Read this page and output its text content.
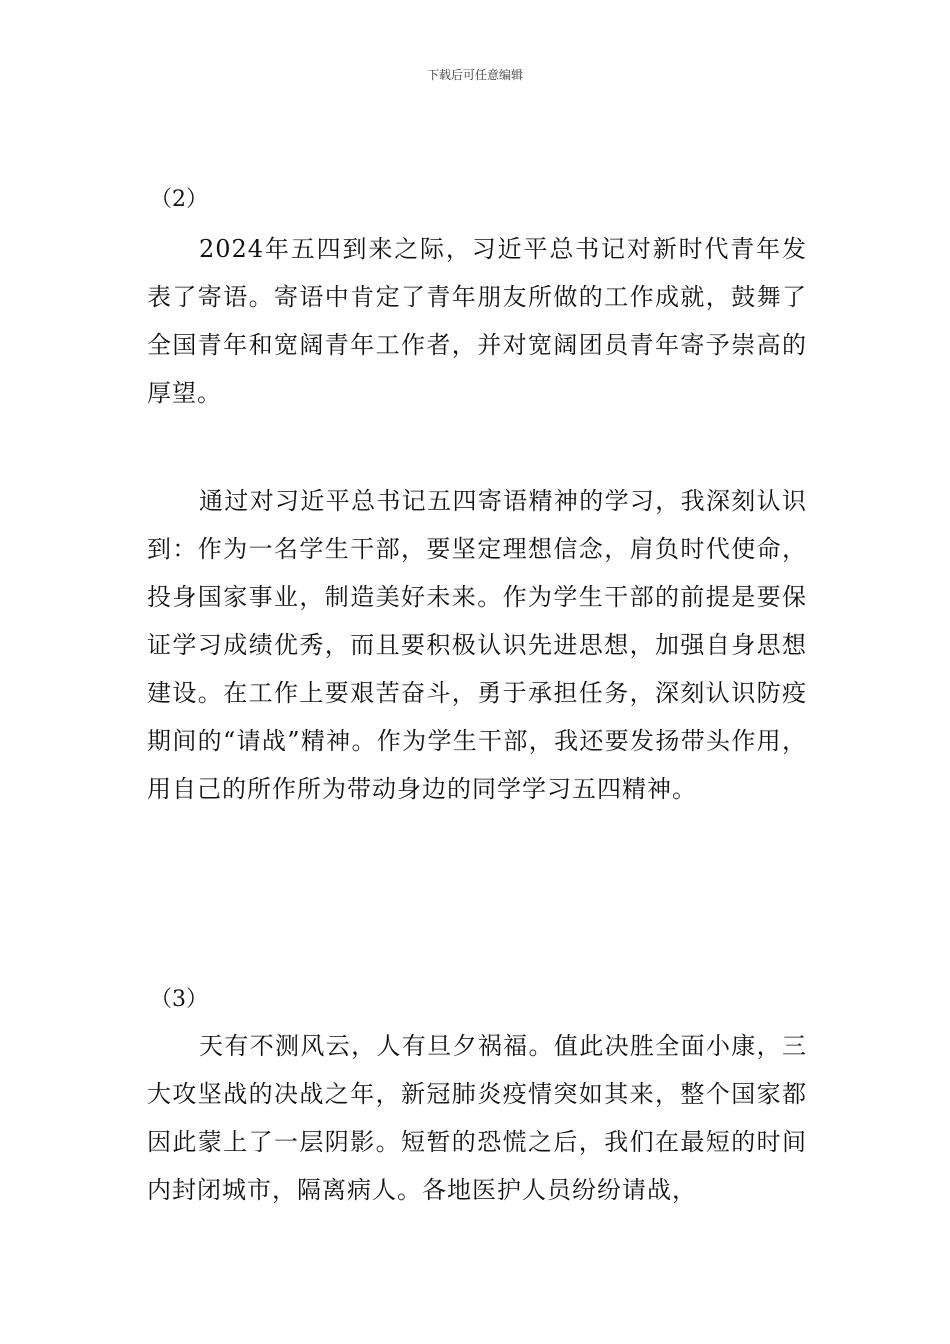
下载后可任意编辑
（2）

2024年五四到来之际，习近平总书记对新时代青年发表了寄语。寄语中肯定了青年朋友所做的工作成就，鼓舞了全国青年和宽阔青年工作者，并对宽阔团员青年寄予崇高的厚望。

通过对习近平总书记五四寄语精神的学习，我深刻认识到：作为一名学生干部，要坚定理想信念，肩负时代使命，投身国家事业，制造美好未来。作为学生干部的前提是要保证学习成绩优秀，而且要积极认识先进思想，加强自身思想建设。在工作上要艰苦奋斗，勇于承担任务，深刻认识防疫期间的“请战”精神。作为学生干部，我还要发扬带头作用，用自己的所作所为带动身边的同学学习五四精神。

（3）

天有不测风云，人有旦夕祸福。值此决胜全面小康，三大攻坚战的决战之年，新冠肺炎疫情突如其来，整个国家都因此蒙上了一层阴影。短暂的恐慌之后，我们在最短的时间内封闭城市，隔离病人。各地医护人员纷纷请战，
